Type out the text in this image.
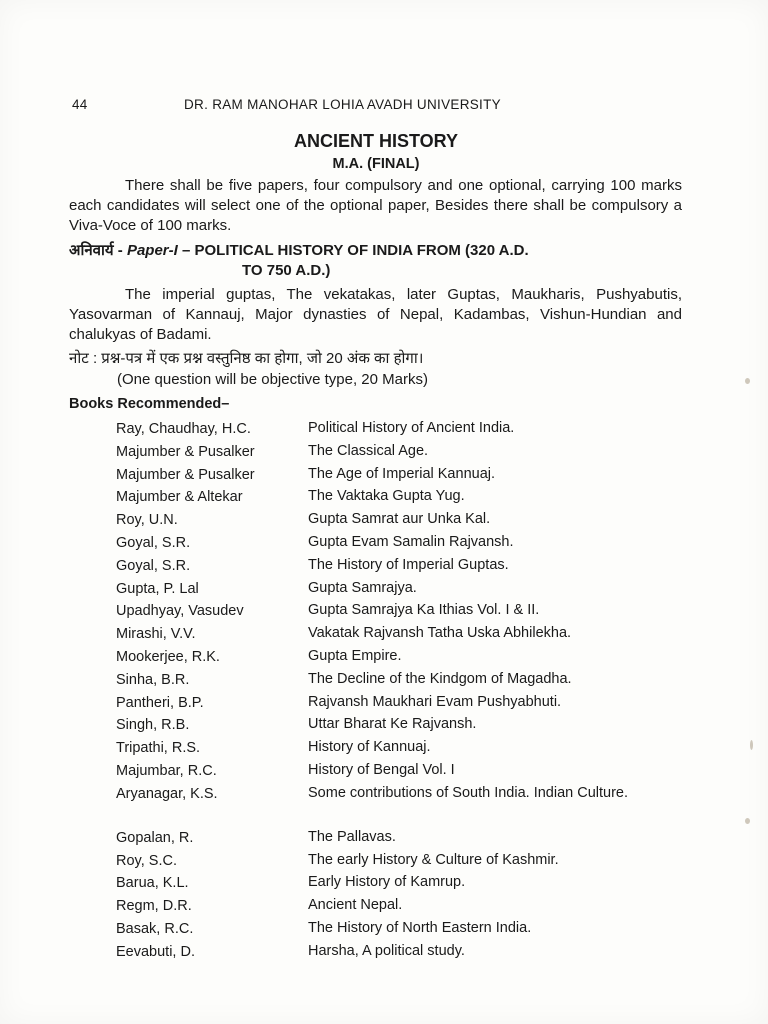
44	DR. RAM MANOHAR LOHIA AVADH UNIVERSITY
ANCIENT HISTORY
M.A. (FINAL)
There shall be five papers, four compulsory and one optional, carrying 100 marks each candidates will select one of the optional paper, Besides there shall be compulsory a Viva-Voce of 100 marks.
अनिवार्य - Paper-I – POLITICAL HISTORY OF INDIA FROM (320 A.D.
TO 750 A.D.)
The imperial guptas, The vekatakas, later Guptas, Maukharis, Pushyabutis, Yasovarman of Kannauj, Major dynasties of Nepal, Kadambas, Vishun-Hundian and chalukyas of Badami.
नोट : प्रश्न-पत्र में एक प्रश्न वस्तुनिष्ठ का होगा, जो 20 अंक का होगा।
(One question will be objective type, 20 Marks)
Books Recommended–
Ray, Chaudhay, H.C.	Political History of Ancient India.
Majumber & Pusalker	The Classical Age.
Majumber & Pusalker	The Age of Imperial Kannuaj.
Majumber & Altekar	The Vaktaka Gupta Yug.
Roy, U.N.	Gupta Samrat aur Unka Kal.
Goyal, S.R.	Gupta Evam Samalin Rajvansh.
Goyal, S.R.	The History of Imperial Guptas.
Gupta, P. Lal	Gupta Samrajya.
Upadhyay, Vasudev	Gupta Samrajya Ka Ithias Vol. I & II.
Mirashi, V.V.	Vakatak Rajvansh Tatha Uska Abhilekha.
Mookerjee, R.K.	Gupta Empire.
Sinha, B.R.	The Decline of the Kindgom of Magadha.
Pantheri, B.P.	Rajvansh Maukhari Evam Pushyabhuti.
Singh, R.B.	Uttar Bharat Ke Rajvansh.
Tripathi, R.S.	History of Kannuaj.
Majumbar, R.C.	History of Bengal Vol. I
Aryanagar, K.S.	Some contributions of South India. Indian Culture.
Gopalan, R.	The Pallavas.
Roy, S.C.	The early History & Culture of Kashmir.
Barua, K.L.	Early History of Kamrup.
Regm, D.R.	Ancient Nepal.
Basak, R.C.	The History of North Eastern India.
Eevabuti, D.	Harsha, A political study.
